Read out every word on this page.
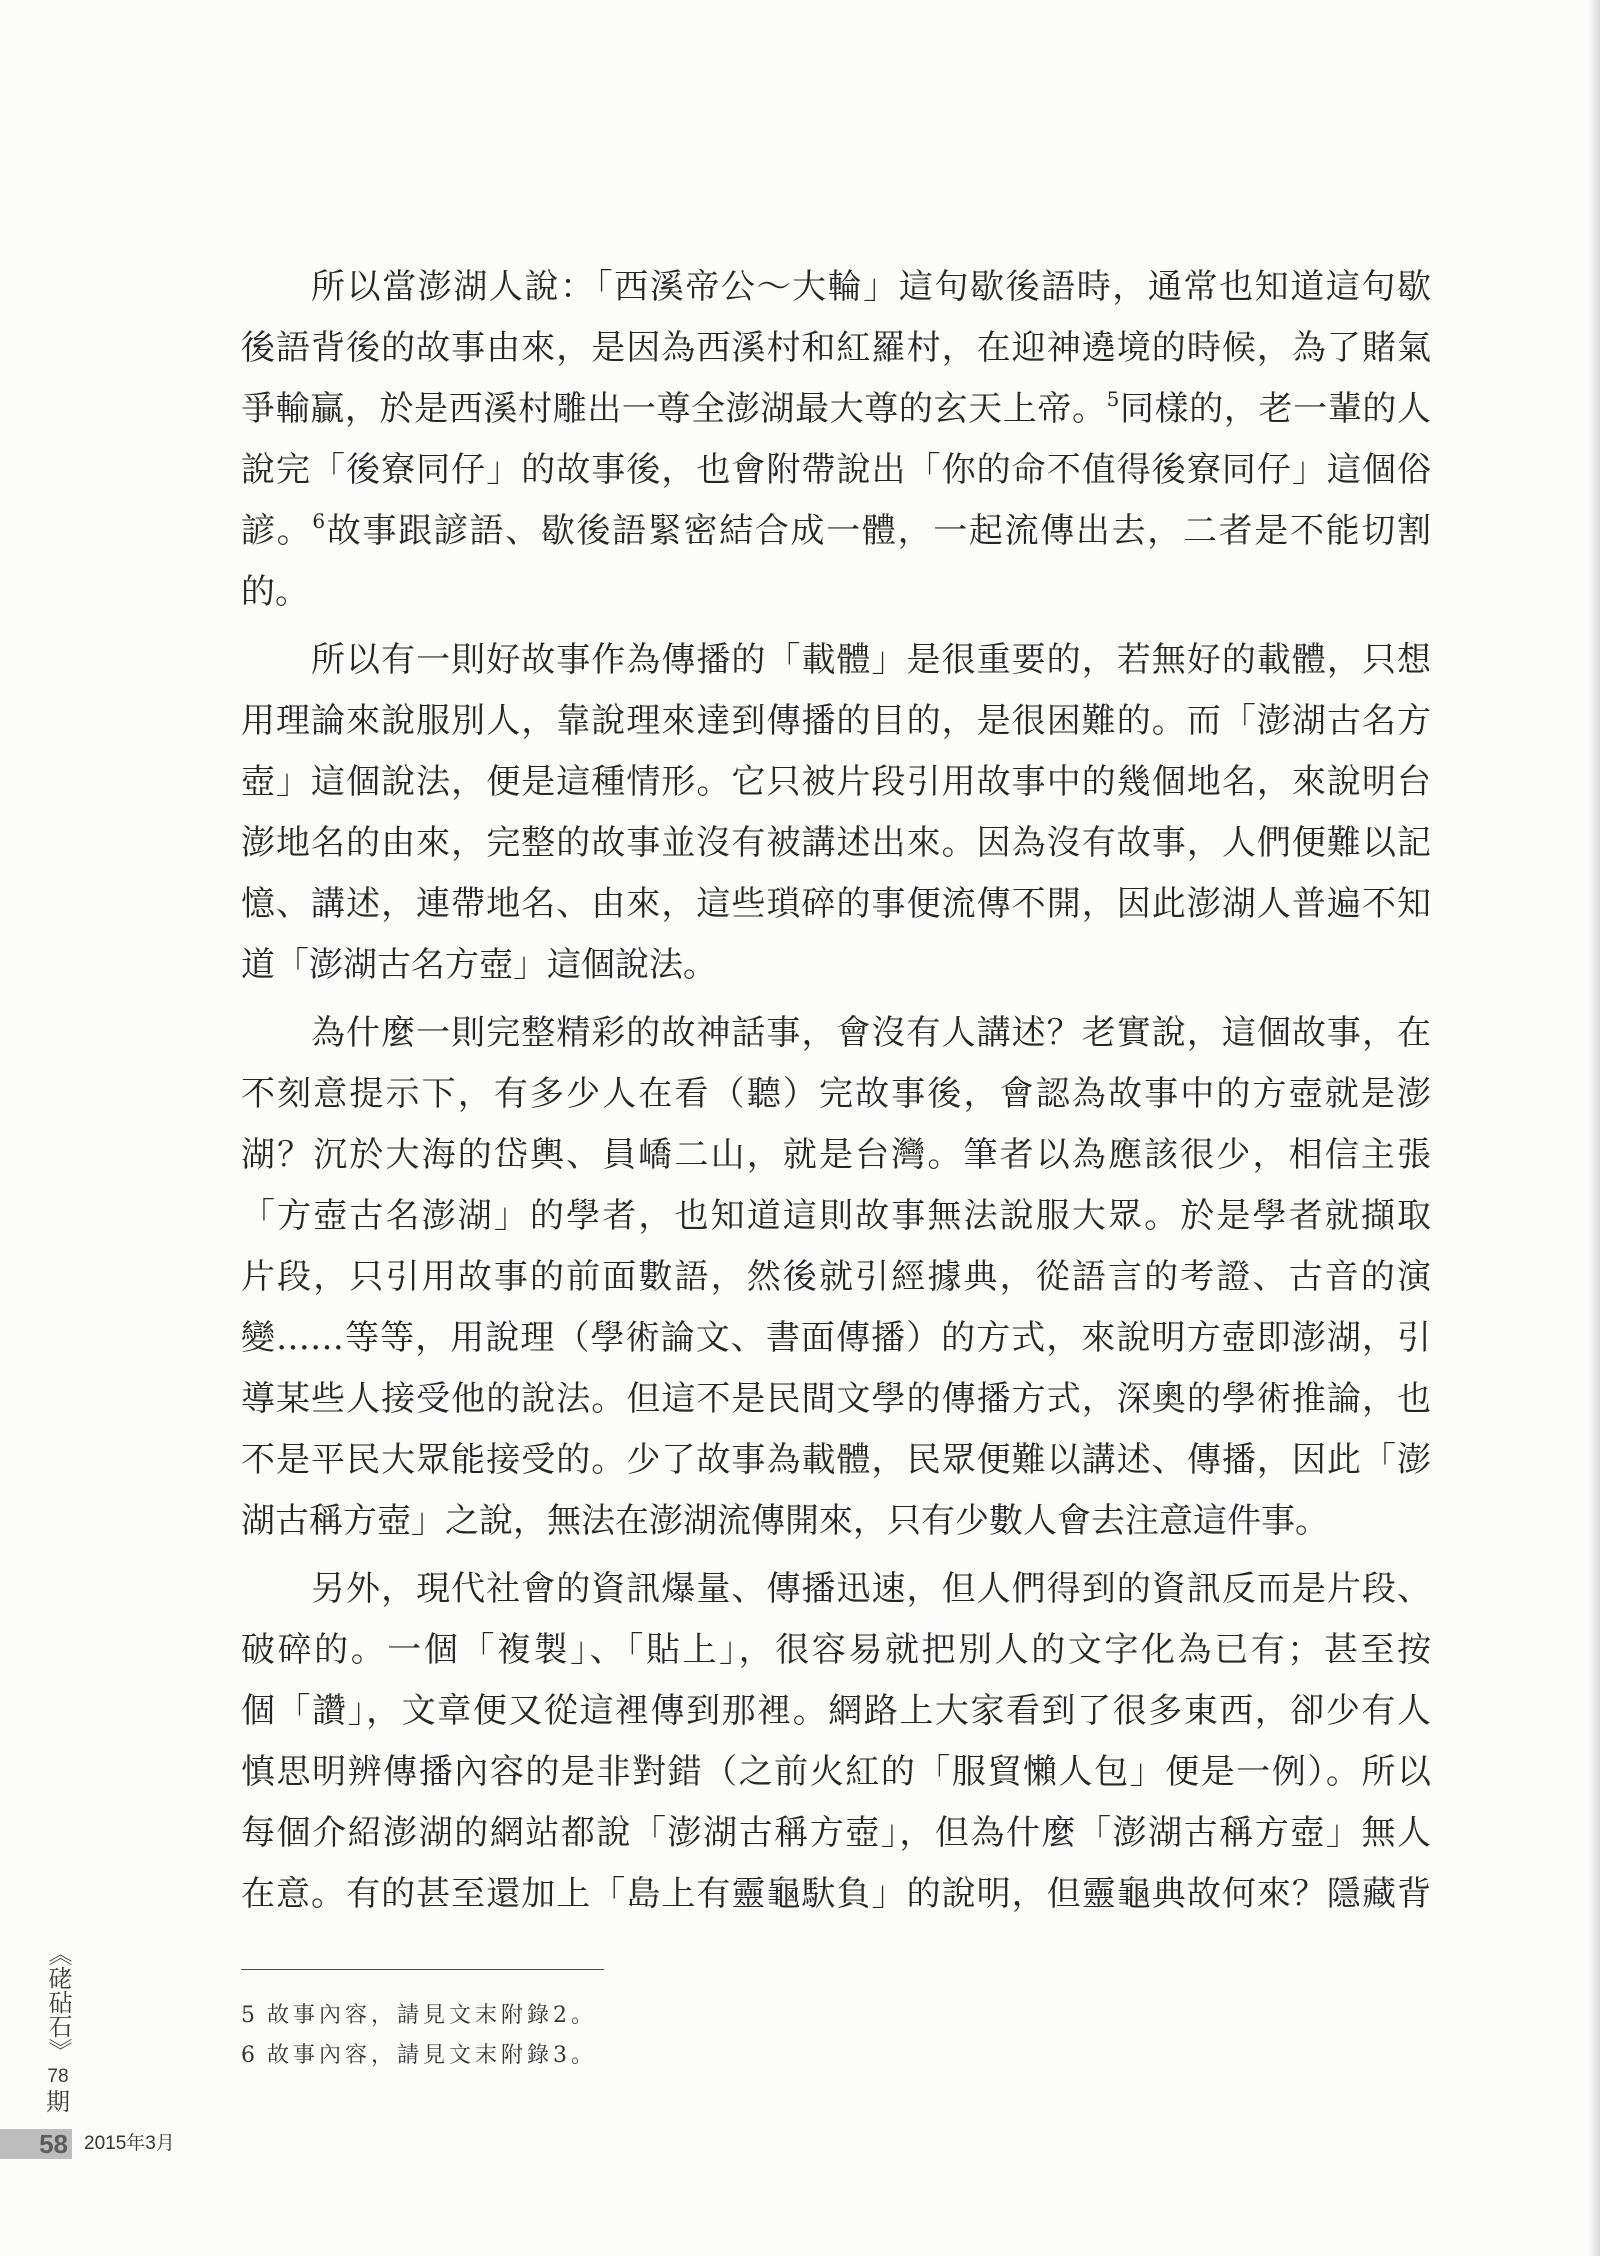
所以當澎湖人說：「西溪帝公～大輪」這句歇後語時，通常也知道這句歇
後語背後的故事由來，是因為西溪村和紅羅村，在迎神遶境的時候，為了賭氣
爭輸贏，於是西溪村雕出一尊全澎湖最大尊的玄天上帝。$^5$同樣的，老一輩的人
說完「後寮同仔」的故事後，也會附帶說出「你的命不值得後寮同仔」這個俗
諺。$^6$故事跟諺語、歇後語緊密結合成一體，一起流傳出去，二者是不能切割
的。
所以有一則好故事作為傳播的「載體」是很重要的，若無好的載體，只想
用理論來說服別人，靠說理來達到傳播的目的，是很困難的。而「澎湖古名方
壺」這個說法，便是這種情形。它只被片段引用故事中的幾個地名，來說明台
澎地名的由來，完整的故事並沒有被講述出來。因為沒有故事，人們便難以記
憶、講述，連帶地名、由來，這些瑣碎的事便流傳不開，因此澎湖人普遍不知
道「澎湖古名方壺」這個說法。
為什麼一則完整精彩的故神話事，會沒有人講述？老實說，這個故事，在
不刻意提示下，有多少人在看（聽）完故事後，會認為故事中的方壺就是澎
湖？沉於大海的岱輿、員嶠二山，就是台灣。筆者以為應該很少，相信主張
「方壺古名澎湖」的學者，也知道這則故事無法說服大眾。於是學者就擷取
片段，只引用故事的前面數語，然後就引經據典，從語言的考證、古音的演
變……等等，用說理（學術論文、書面傳播）的方式，來說明方壺即澎湖，引
導某些人接受他的說法。但這不是民間文學的傳播方式，深奧的學術推論，也
不是平民大眾能接受的。少了故事為載體，民眾便難以講述、傳播，因此「澎
湖古稱方壺」之說，無法在澎湖流傳開來，只有少數人會去注意這件事。
另外，現代社會的資訊爆量、傳播迅速，但人們得到的資訊反而是片段、
破碎的。一個「複製」、「貼上」，很容易就把別人的文字化為已有；甚至按
個「讚」，文章便又從這裡傳到那裡。網路上大家看到了很多東西，卻少有人
慎思明辨傳播內容的是非對錯（之前火紅的「服貿懶人包」便是一例）。所以
每個介紹澎湖的網站都說「澎湖古稱方壺」，但為什麼「澎湖古稱方壺」無人
在意。有的甚至還加上「島上有靈龜馱負」的說明，但靈龜典故何來？隱藏背
5 故事內容，請見文末附錄2。
6 故事內容，請見文末附錄3。
《硓砧石》
78
期
58 2015年3月
